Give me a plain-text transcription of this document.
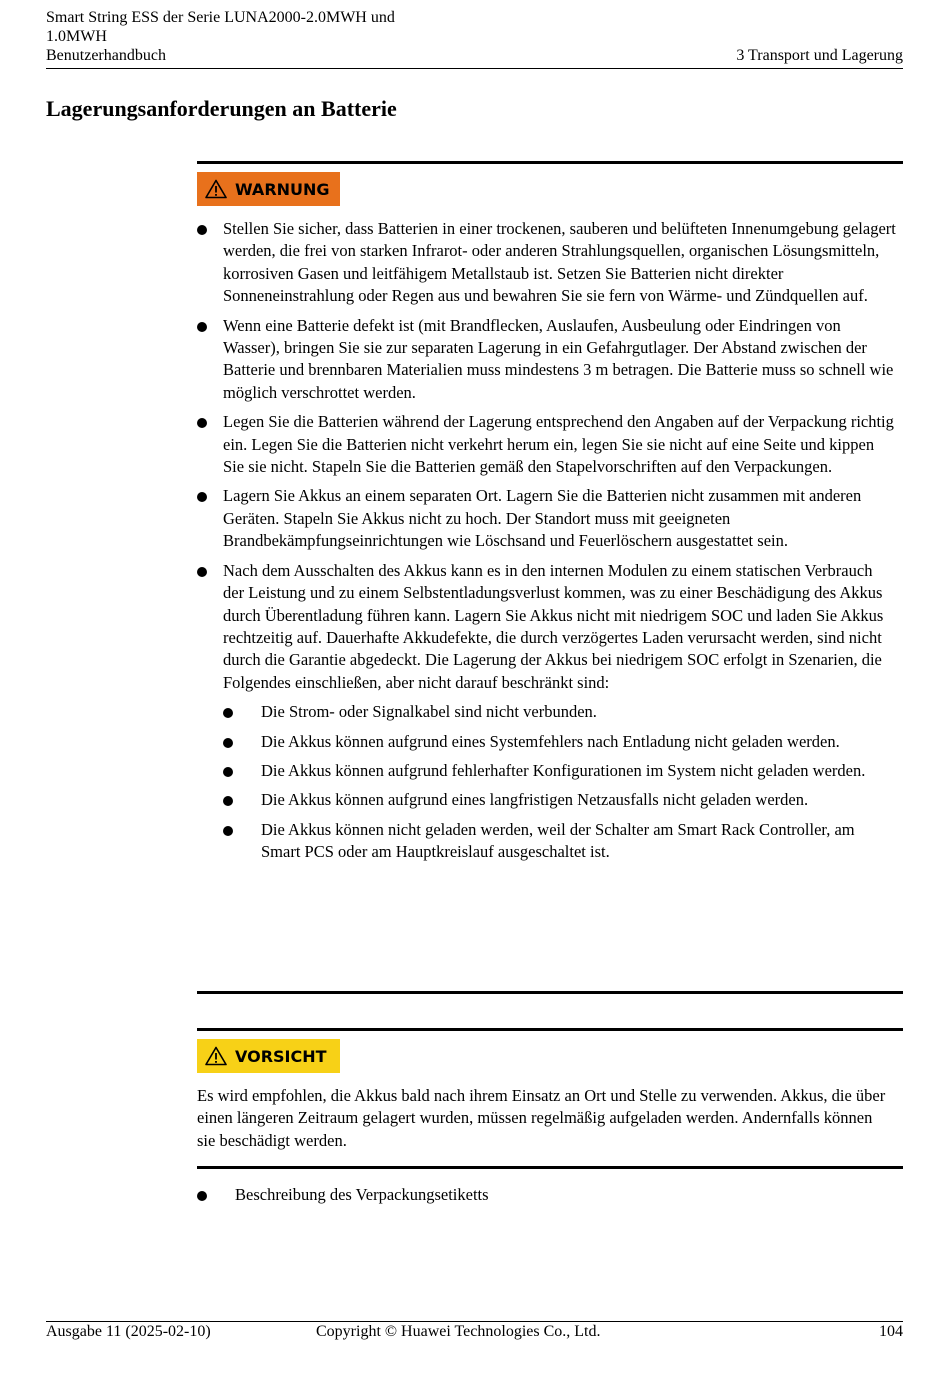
Smart String ESS der Serie LUNA2000-2.0MWH und
1.0MWH
Benutzerhandbuch	3 Transport und Lagerung
Lagerungsanforderungen an Batterie
WARNUNG
Stellen Sie sicher, dass Batterien in einer trockenen, sauberen und belüfteten Innenumgebung gelagert werden, die frei von starken Infrarot- oder anderen Strahlungsquellen, organischen Lösungsmitteln, korrosiven Gasen und leitfähigem Metallstaub ist. Setzen Sie Batterien nicht direkter Sonneneinstrahlung oder Regen aus und bewahren Sie sie fern von Wärme- und Zündquellen auf.
Wenn eine Batterie defekt ist (mit Brandflecken, Auslaufen, Ausbeulung oder Eindringen von Wasser), bringen Sie sie zur separaten Lagerung in ein Gefahrgutlager. Der Abstand zwischen der Batterie und brennbaren Materialien muss mindestens 3 m betragen. Die Batterie muss so schnell wie möglich verschrottet werden.
Legen Sie die Batterien während der Lagerung entsprechend den Angaben auf der Verpackung richtig ein. Legen Sie die Batterien nicht verkehrt herum ein, legen Sie sie nicht auf eine Seite und kippen Sie sie nicht. Stapeln Sie die Batterien gemäß den Stapelvorschriften auf den Verpackungen.
Lagern Sie Akkus an einem separaten Ort. Lagern Sie die Batterien nicht zusammen mit anderen Geräten. Stapeln Sie Akkus nicht zu hoch. Der Standort muss mit geeigneten Brandbekämpfungseinrichtungen wie Löschsand und Feuerlöschern ausgestattet sein.
Nach dem Ausschalten des Akkus kann es in den internen Modulen zu einem statischen Verbrauch der Leistung und zu einem Selbstentladungsverlust kommen, was zu einer Beschädigung des Akkus durch Überentladung führen kann. Lagern Sie Akkus nicht mit niedrigem SOC und laden Sie Akkus rechtzeitig auf. Dauerhafte Akkudefekte, die durch verzögertes Laden verursacht werden, sind nicht durch die Garantie abgedeckt. Die Lagerung der Akkus bei niedrigem SOC erfolgt in Szenarien, die Folgendes einschließen, aber nicht darauf beschränkt sind:
Die Strom- oder Signalkabel sind nicht verbunden.
Die Akkus können aufgrund eines Systemfehlers nach Entladung nicht geladen werden.
Die Akkus können aufgrund fehlerhafter Konfigurationen im System nicht geladen werden.
Die Akkus können aufgrund eines langfristigen Netzausfalls nicht geladen werden.
Die Akkus können nicht geladen werden, weil der Schalter am Smart Rack Controller, am Smart PCS oder am Hauptkreislauf ausgeschaltet ist.
VORSICHT
Es wird empfohlen, die Akkus bald nach ihrem Einsatz an Ort und Stelle zu verwenden. Akkus, die über einen längeren Zeitraum gelagert wurden, müssen regelmäßig aufgeladen werden. Andernfalls können sie beschädigt werden.
Beschreibung des Verpackungsetiketts
Ausgabe 11 (2025-02-10)	Copyright © Huawei Technologies Co., Ltd.	104
